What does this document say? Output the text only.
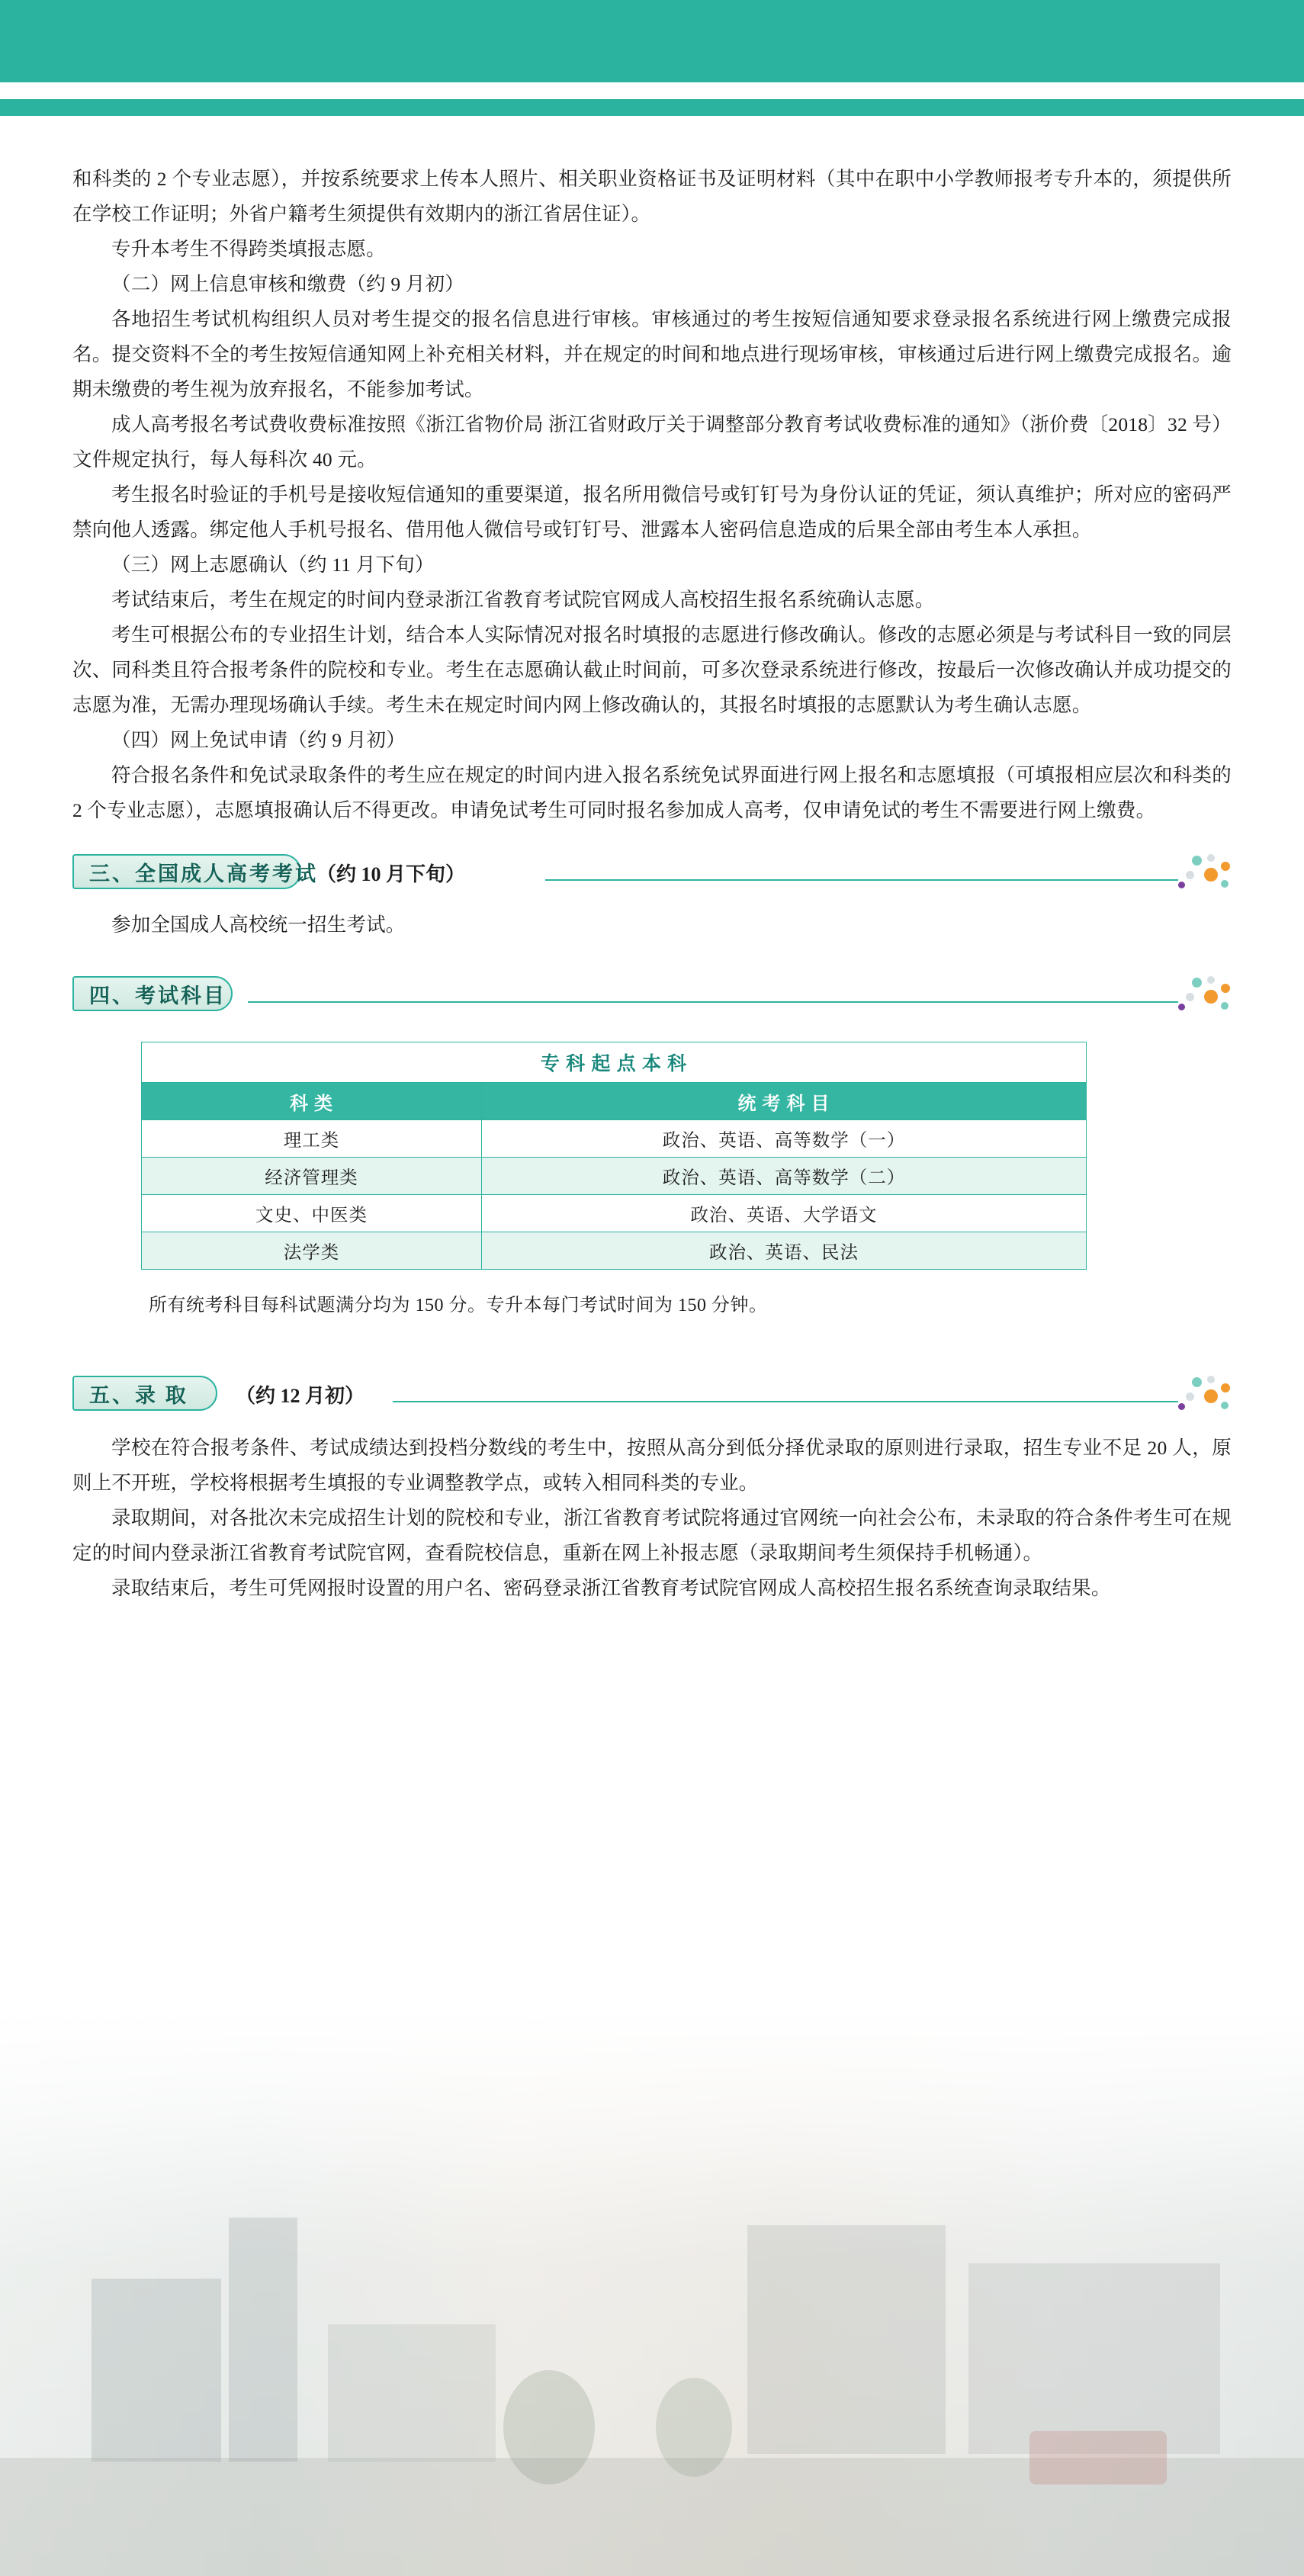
和科类的 2 个专业志愿），并按系统要求上传本人照片、相关职业资格证书及证明材料（其中在职中小学教师报考专升本的，须提供所在学校工作证明；外省户籍考生须提供有效期内的浙江省居住证）。

专升本考生不得跨类填报志愿。

（二）网上信息审核和缴费（约 9 月初）

各地招生考试机构组织人员对考生提交的报名信息进行审核。审核通过的考生按短信通知要求登录报名系统进行网上缴费完成报名。提交资料不全的考生按短信通知网上补充相关材料，并在规定的时间和地点进行现场审核，审核通过后进行网上缴费完成报名。逾期未缴费的考生视为放弃报名，不能参加考试。

成人高考报名考试费收费标准按照《浙江省物价局 浙江省财政厅关于调整部分教育考试收费标准的通知》（浙价费〔2018〕32 号）文件规定执行，每人每科次 40 元。

考生报名时验证的手机号是接收短信通知的重要渠道，报名所用微信号或钉钉号为身份认证的凭证，须认真维护；所对应的密码严禁向他人透露。绑定他人手机号报名、借用他人微信号或钉钉号、泄露本人密码信息造成的后果全部由考生本人承担。

（三）网上志愿确认（约 11 月下旬）

考试结束后，考生在规定的时间内登录浙江省教育考试院官网成人高校招生报名系统确认志愿。

考生可根据公布的专业招生计划，结合本人实际情况对报名时填报的志愿进行修改确认。修改的志愿必须是与考试科目一致的同层次、同科类且符合报考条件的院校和专业。考生在志愿确认截止时间前，可多次登录系统进行修改，按最后一次修改确认并成功提交的志愿为准，无需办理现场确认手续。考生未在规定时间内网上修改确认的，其报名时填报的志愿默认为考生确认志愿。

（四）网上免试申请（约 9 月初）

符合报名条件和免试录取条件的考生应在规定的时间内进入报名系统免试界面进行网上报名和志愿填报（可填报相应层次和科类的 2 个专业志愿），志愿填报确认后不得更改。申请免试考生可同时报名参加成人高考，仅申请免试的考生不需要进行网上缴费。

三、全国成人高考考试
（约 10 月下旬）

参加全国成人高校统一招生考试。

四、考试科目
专 科 起 点 本 科	
科 类	统 考 科 目
理工类	政治、英语、高等数学（一）
经济管理类	政治、英语、高等数学（二）
文史、中医类	政治、英语、大学语文
法学类	政治、英语、民法
所有统考科目每科试题满分均为 150 分。专升本每门考试时间为 150 分钟。
五、录 取 （约 12 月初）

学校在符合报考条件、考试成绩达到投档分数线的考生中，按照从高分到低分择优录取的原则进行录取，招生专业不足 20 人，原则上不开班，学校将根据考生填报的专业调整教学点，或转入相同科类的专业。

录取期间，对各批次未完成招生计划的院校和专业，浙江省教育考试院将通过官网统一向社会公布，未录取的符合条件考生可在规定的时间内登录浙江省教育考试院官网，查看院校信息，重新在网上补报志愿（录取期间考生须保持手机畅通）。

录取结束后，考生可凭网报时设置的用户名、密码登录浙江省教育考试院官网成人高校招生报名系统查询录取结果。
